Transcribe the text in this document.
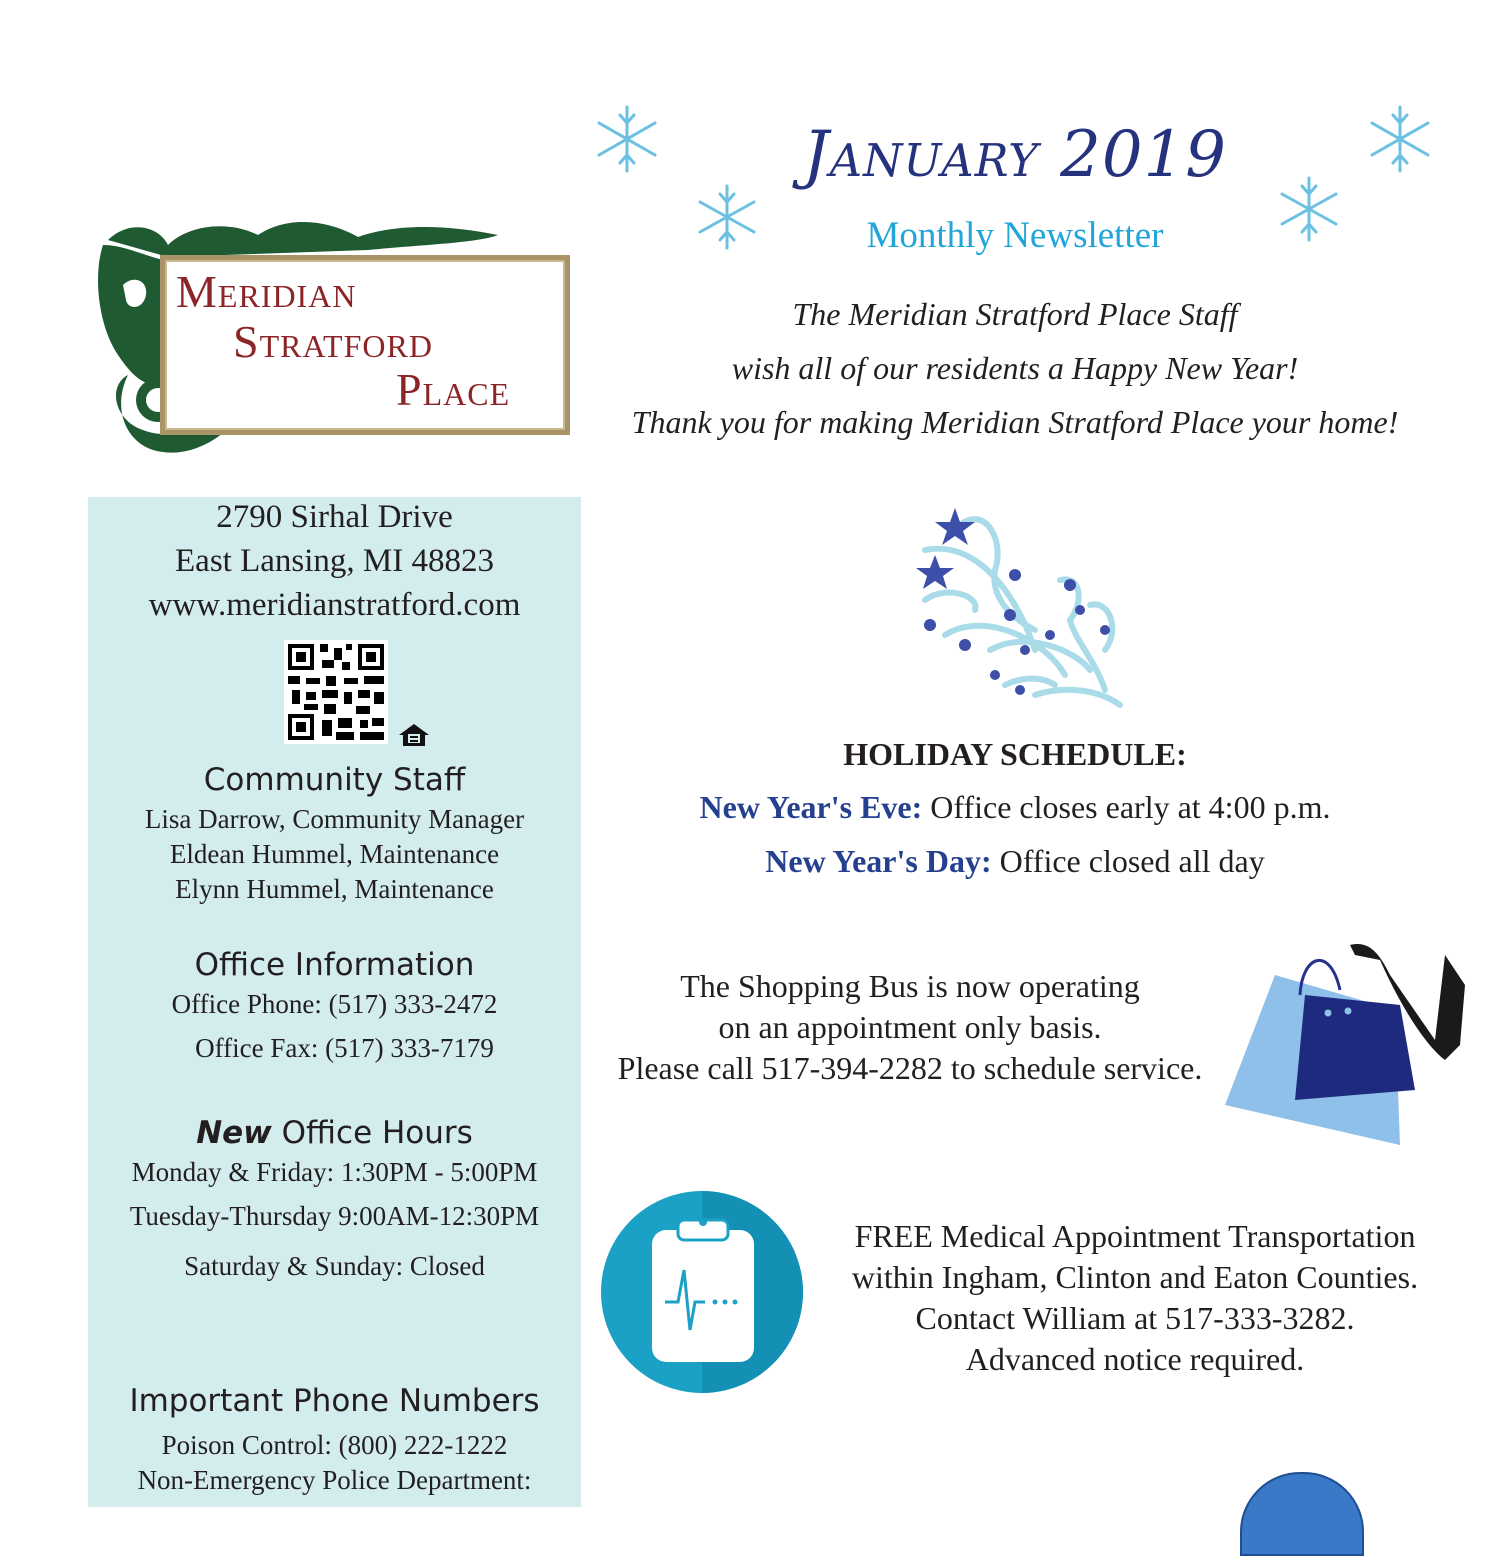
Meridian
Stratford
Place
January 2019
Monthly Newsletter
The Meridian Stratford Place Staff
wish all of our residents a Happy New Year!
Thank you for making Meridian Stratford Place your home!
HOLIDAY SCHEDULE:
New Year's Eve: Office closes early at 4:00 p.m.
New Year's Day: Office closed all day
The Shopping Bus is now operating
on an appointment only basis.
Please call 517-394-2282 to schedule service.
FREE Medical Appointment Transportation
within Ingham, Clinton and Eaton Counties.
Contact William at 517-333-3282.
Advanced notice required.
2790 Sirhal Drive
East Lansing, MI 48823
www.meridianstratford.com
Community Staff
Lisa Darrow, Community Manager
Eldean Hummel, Maintenance
Elynn Hummel, Maintenance
Office Information
Office Phone: (517) 333-2472
Office Fax: (517) 333-7179
New Office Hours
Monday & Friday: 1:30PM - 5:00PM
Tuesday-Thursday 9:00AM-12:30PM
Saturday & Sunday: Closed
Important Phone Numbers
Poison Control: (800) 222-1222
Non-Emergency Police Department:
